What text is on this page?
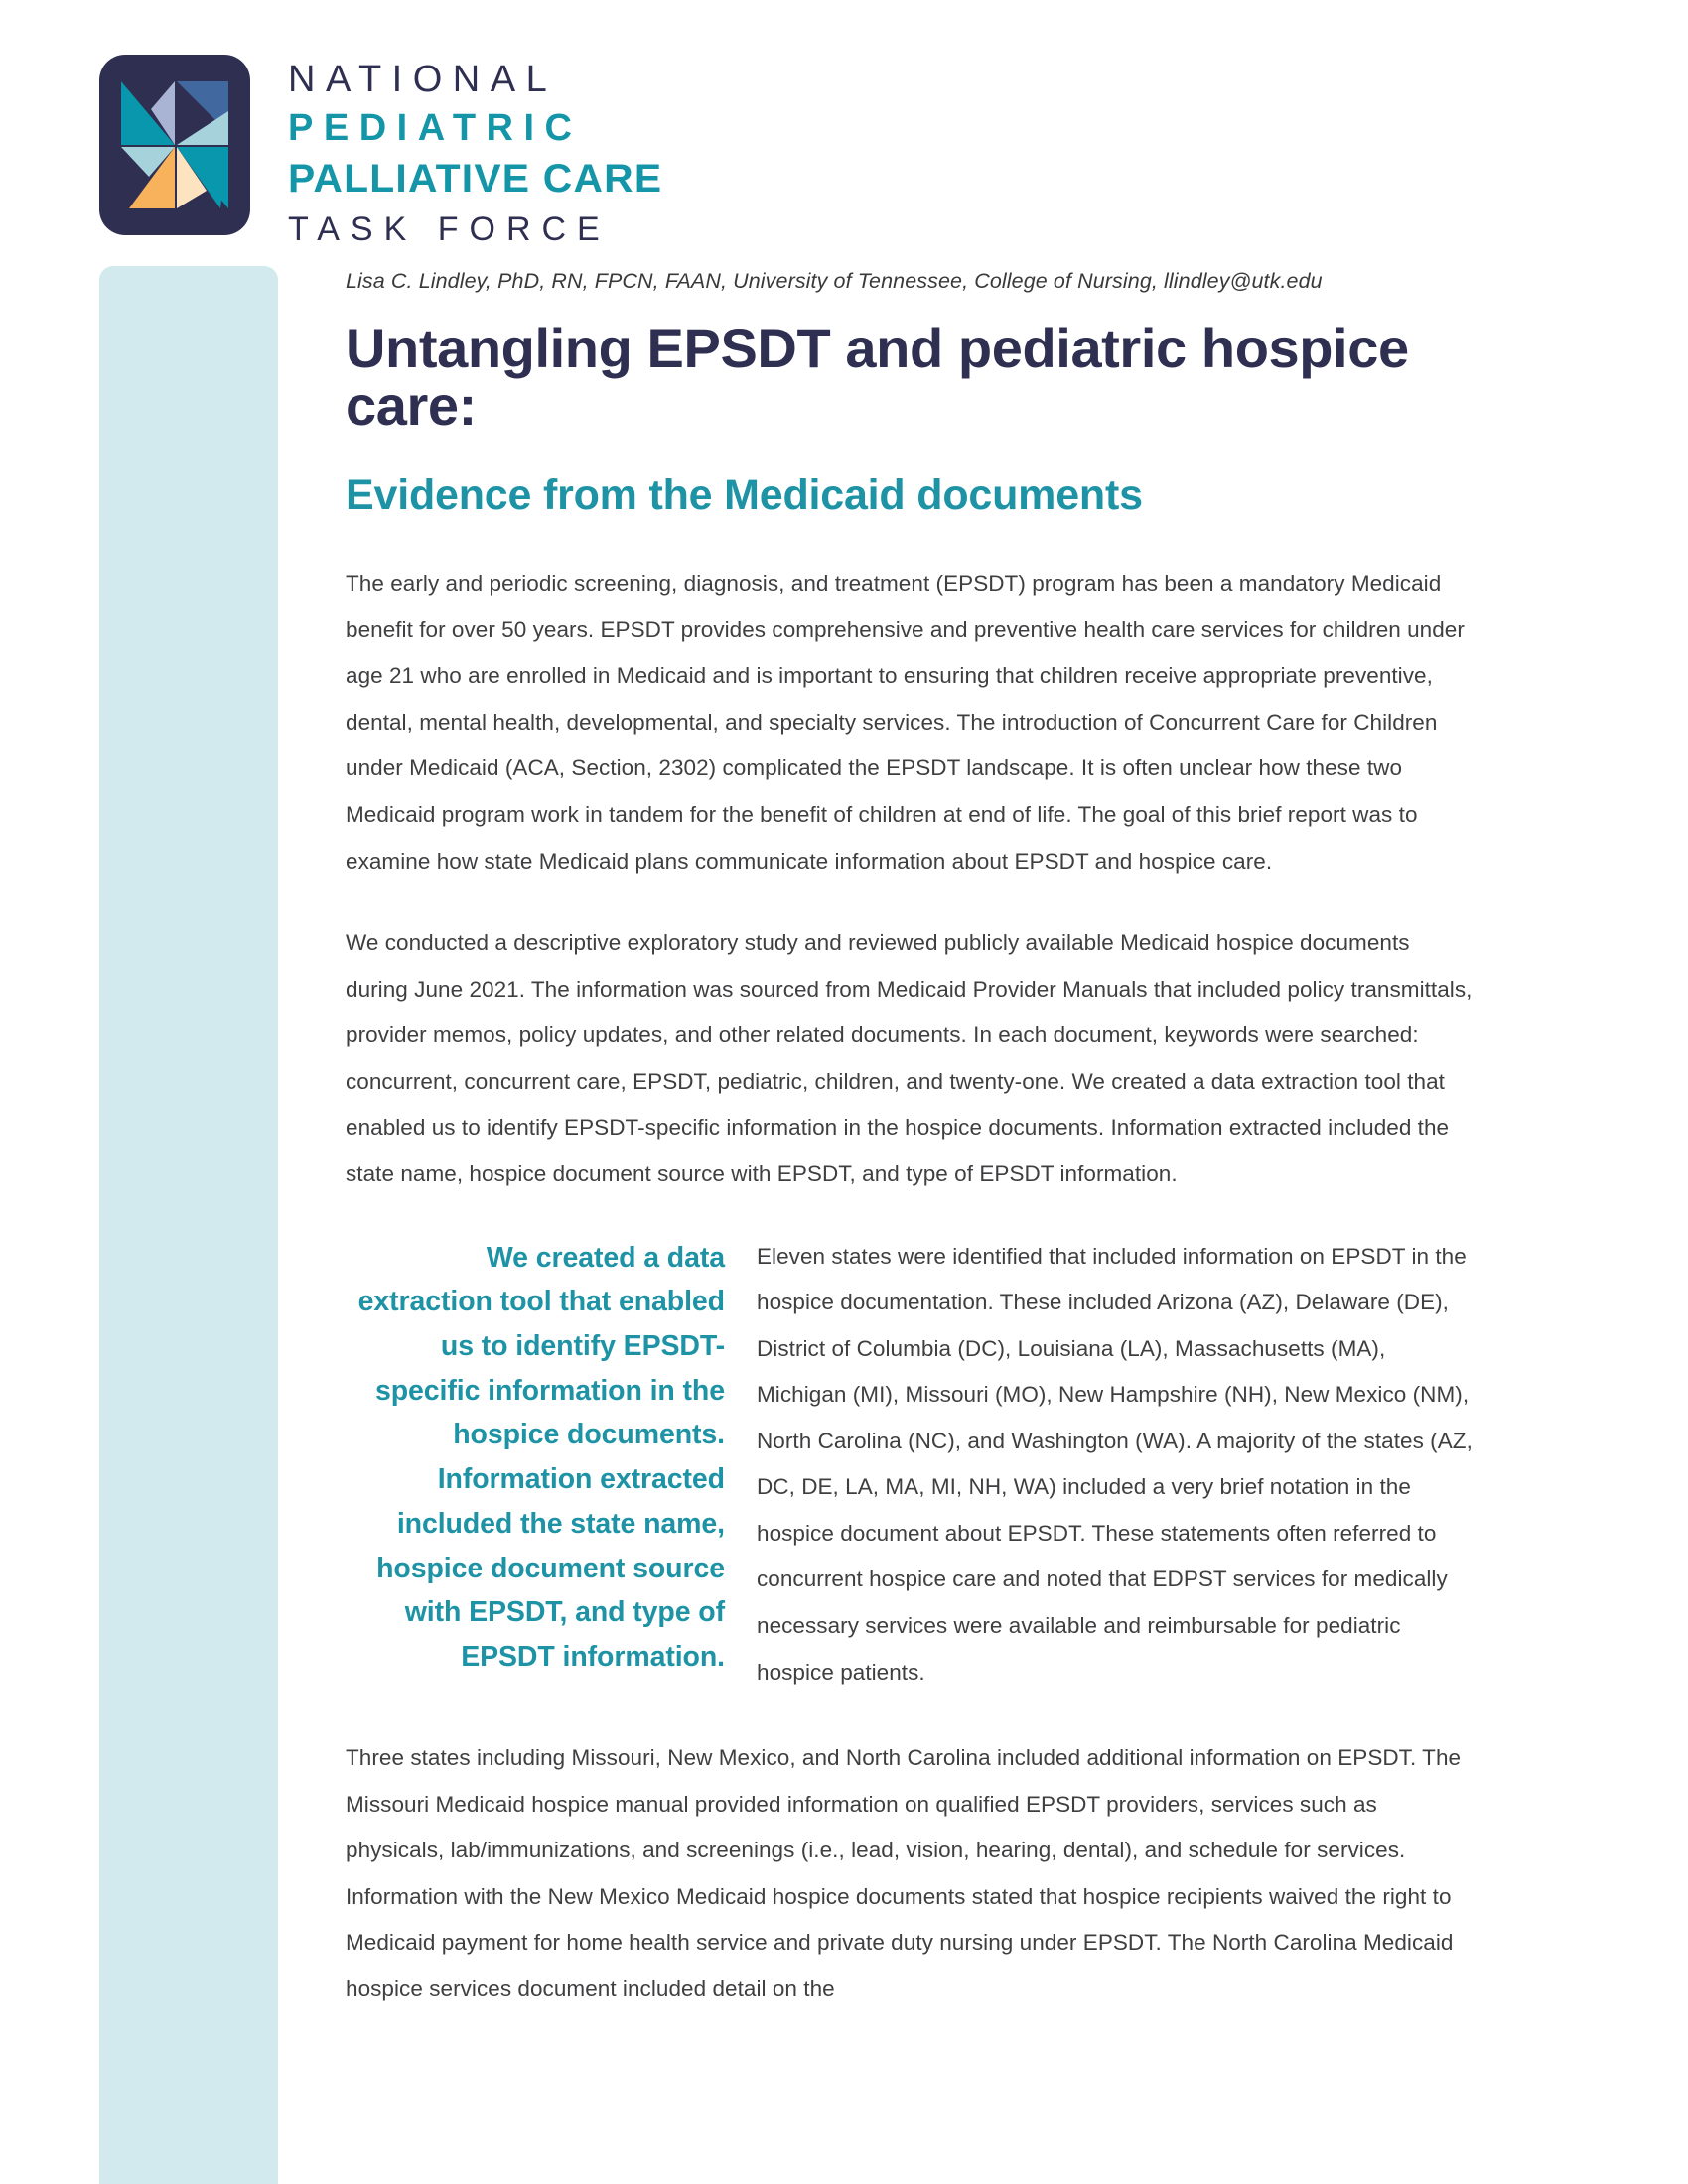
NATIONAL
PEDIATRIC
PALLIATIVE CARE
TASK FORCE
Lisa C. Lindley, PhD, RN, FPCN, FAAN, University of Tennessee, College of Nursing, llindley@utk.edu
Untangling EPSDT and pediatric hospice care:
Evidence from the Medicaid documents

The early and periodic screening, diagnosis, and treatment (EPSDT) program has been a mandatory Medicaid benefit for over 50 years. EPSDT provides comprehensive and preventive health care services for children under age 21 who are enrolled in Medicaid and is important to ensuring that children receive appropriate preventive, dental, mental health, developmental, and specialty services. The introduction of Concurrent Care for Children under Medicaid (ACA, Section, 2302) complicated the EPSDT landscape. It is often unclear how these two Medicaid program work in tandem for the benefit of children at end of life. The goal of this brief report was to examine how state Medicaid plans communicate information about EPSDT and hospice care.

We conducted a descriptive exploratory study and reviewed publicly available Medicaid hospice documents during June 2021. The information was sourced from Medicaid Provider Manuals that included policy transmittals, provider memos, policy updates, and other related documents. In each document, keywords were searched: concurrent, concurrent care, EPSDT, pediatric, children, and twenty-one. We created a data extraction tool that enabled us to identify EPSDT-specific information in the hospice documents. Information extracted included the state name, hospice document source with EPSDT, and type of EPSDT information.

We created a data extraction tool that enabled us to identify EPSDT-specific information in the hospice documents. Information extracted included the state name, hospice document source with EPSDT, and type of EPSDT information.
Eleven states were identified that included information on EPSDT in the hospice documentation. These included Arizona (AZ), Delaware (DE), District of Columbia (DC), Louisiana (LA), Massachusetts (MA), Michigan (MI), Missouri (MO), New Hampshire (NH), New Mexico (NM), North Carolina (NC), and Washington (WA). A majority of the states (AZ, DC, DE, LA, MA, MI, NH, WA) included a very brief notation in the hospice document about EPSDT. These statements often referred to concurrent hospice care and noted that EDPST services for medically necessary services were available and reimbursable for pediatric hospice patients.

Three states including Missouri, New Mexico, and North Carolina included additional information on EPSDT. The Missouri Medicaid hospice manual provided information on qualified EPSDT providers, services such as physicals, lab/immunizations, and screenings (i.e., lead, vision, hearing, dental), and schedule for services. Information with the New Mexico Medicaid hospice documents stated that hospice recipients waived the right to Medicaid payment for home health service and private duty nursing under EPSDT. The North Carolina Medicaid hospice services document included detail on the
